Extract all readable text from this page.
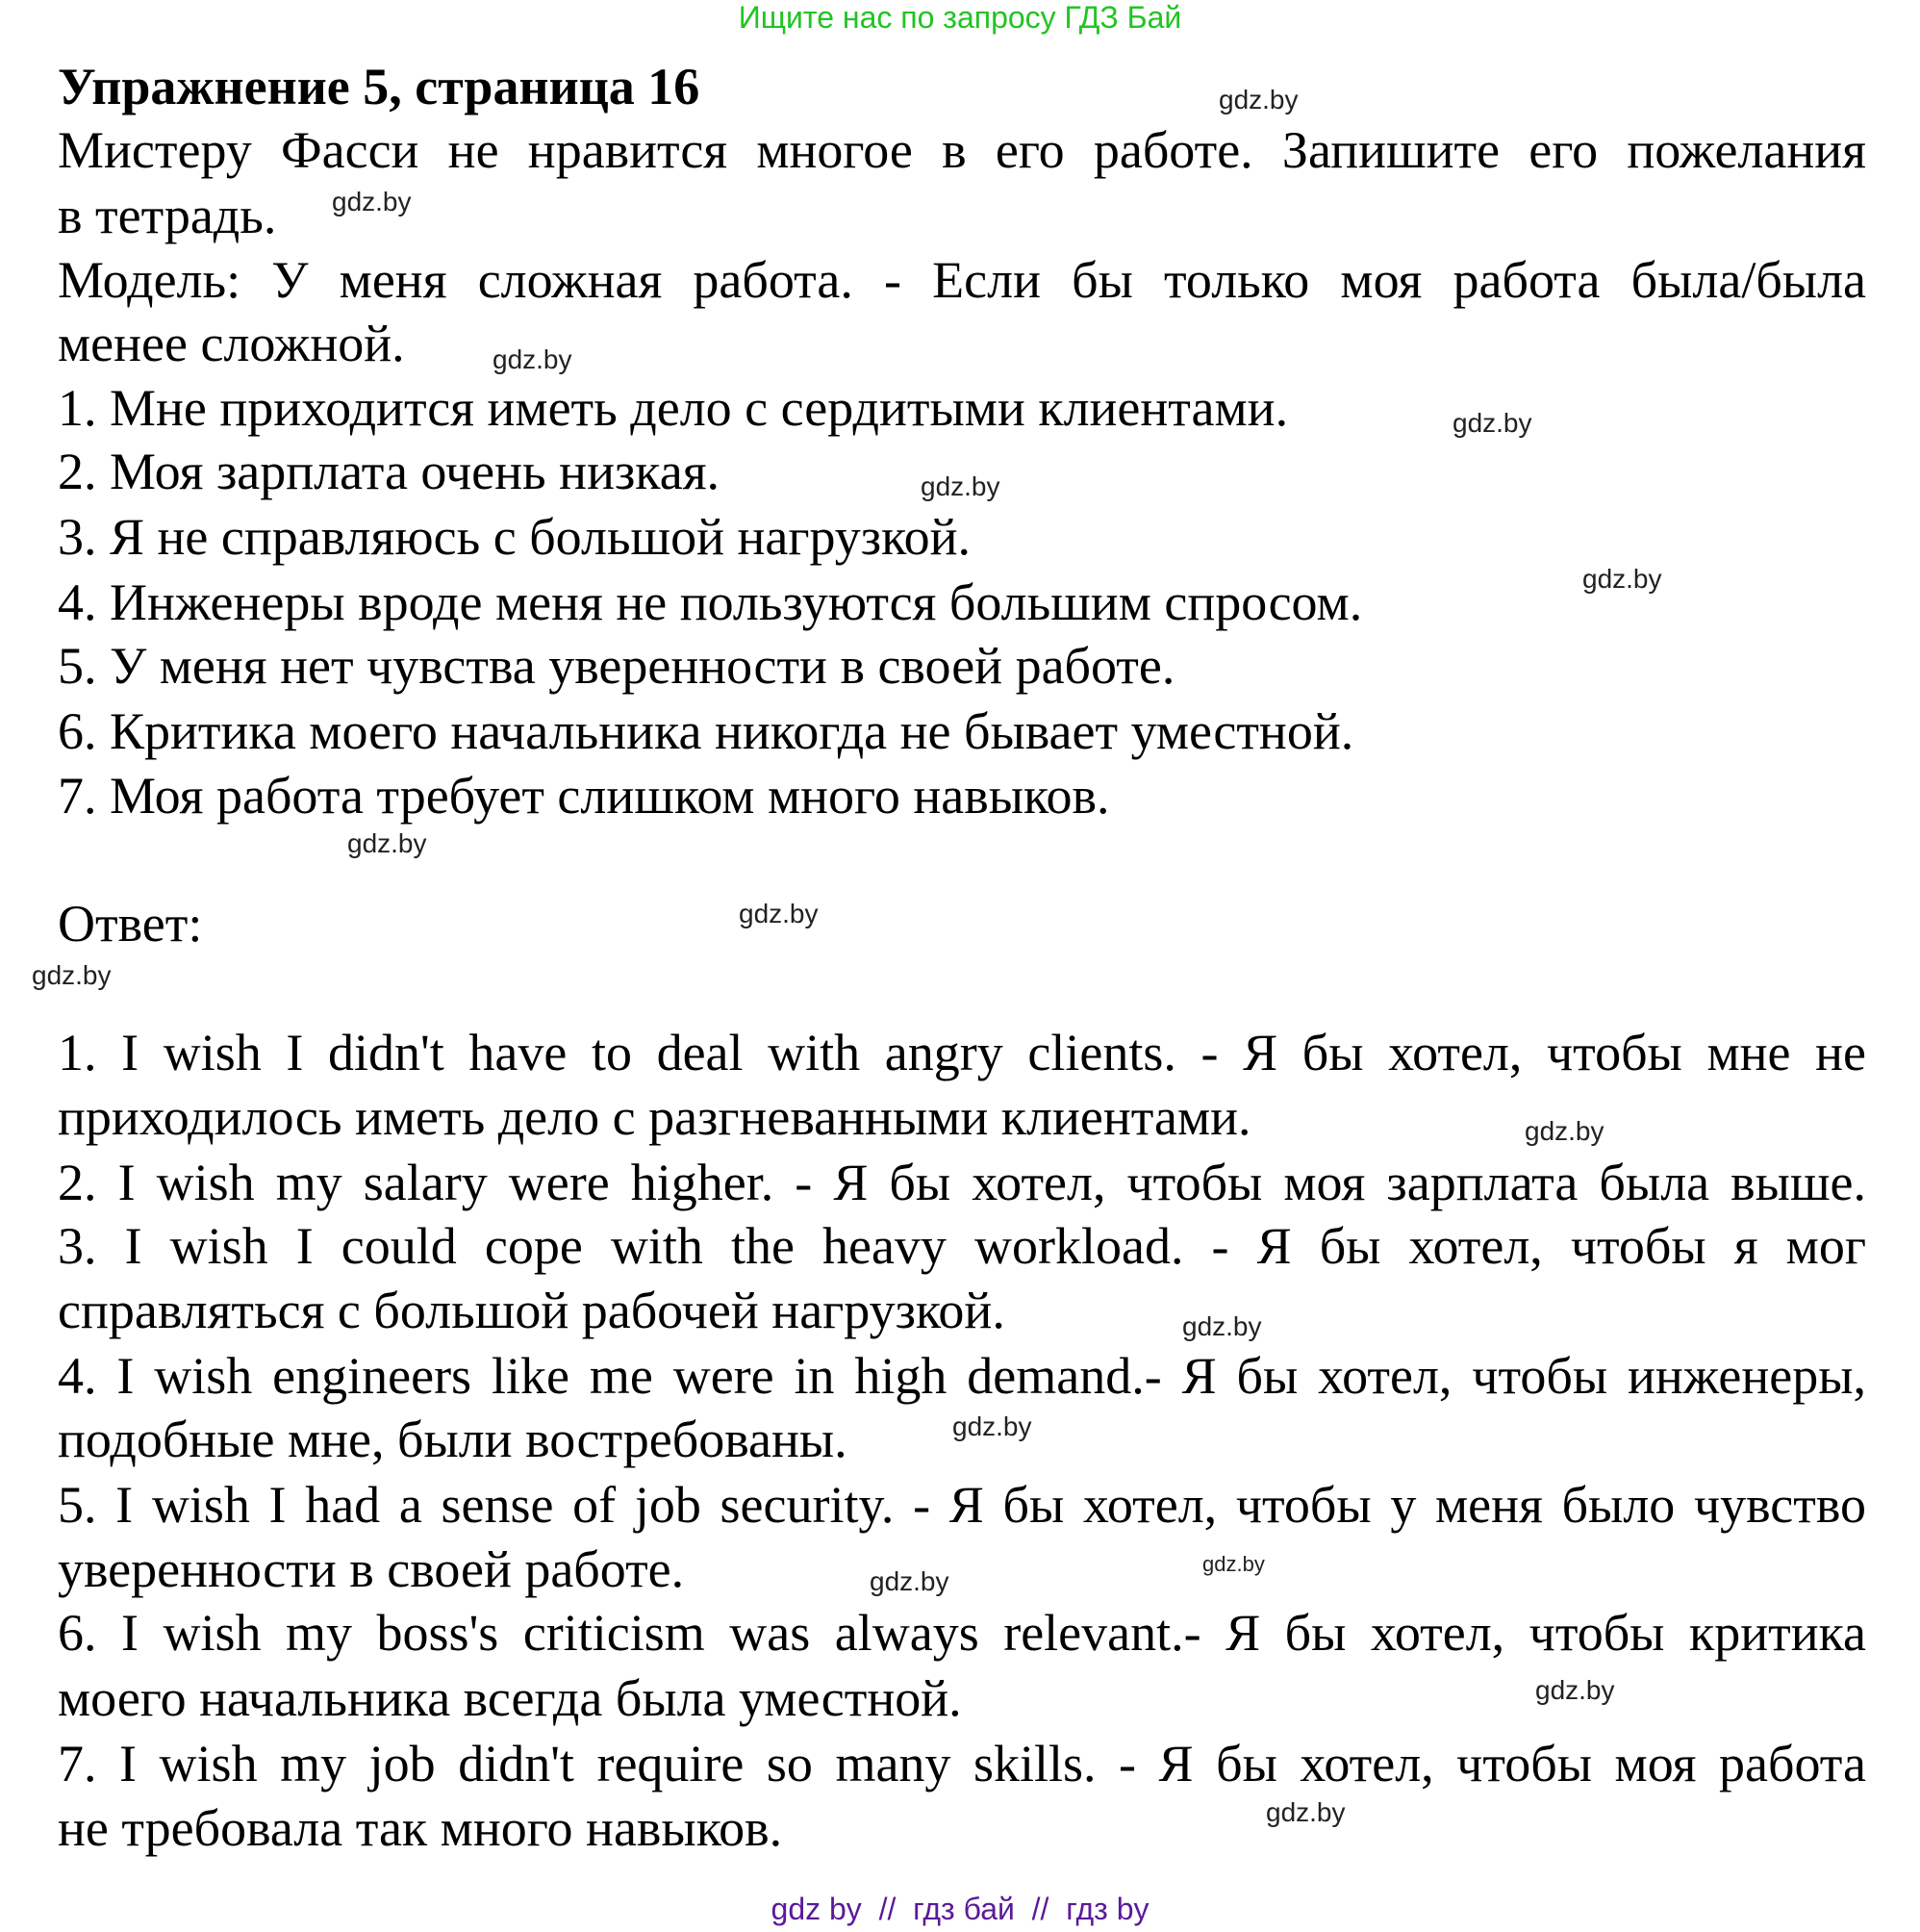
Ищите нас по запросу ГДЗ Бай
Упражнение 5, страница 16
Мистеру Фасси не нравится многое в его работе. Запишите его пожелания
в тетрадь.
Модель: У меня сложная работа. - Если бы только моя работа была/была
менее сложной.
1. Мне приходится иметь дело с сердитыми клиентами.
2. Моя зарплата очень низкая.
3. Я не справляюсь с большой нагрузкой.
4. Инженеры вроде меня не пользуются большим спросом.
5. У меня нет чувства уверенности в своей работе.
6. Критика моего начальника никогда не бывает уместной.
7. Моя работа требует слишком много навыков.
Ответ:
1. I wish I didn't have to deal with angry clients. - Я бы хотел, чтобы мне не
приходилось иметь дело с разгневанными клиентами.
2. I wish my salary were higher. - Я бы хотел, чтобы моя зарплата была выше.
3. I wish I could cope with the heavy workload. - Я бы хотел, чтобы я мог
справляться с большой рабочей нагрузкой.
4. I wish engineers like me were in high demand.- Я бы хотел, чтобы инженеры,
подобные мне, были востребованы.
5. I wish I had a sense of job security. - Я бы хотел, чтобы у меня было чувство
уверенности в своей работе.
6. I wish my boss's criticism was always relevant.- Я бы хотел, чтобы критика
моего начальника всегда была уместной.
7. I wish my job didn't require so many skills. - Я бы хотел, чтобы моя работа
не требовала так много навыков.
gdz.by
gdz.by
gdz.by
gdz.by
gdz.by
gdz.by
gdz.by
gdz.by
gdz.by
gdz.by
gdz.by
gdz.by
gdz.by
gdz.by
gdz.by
gdz.by
gdz by  //  гдз бай  //  гдз by
